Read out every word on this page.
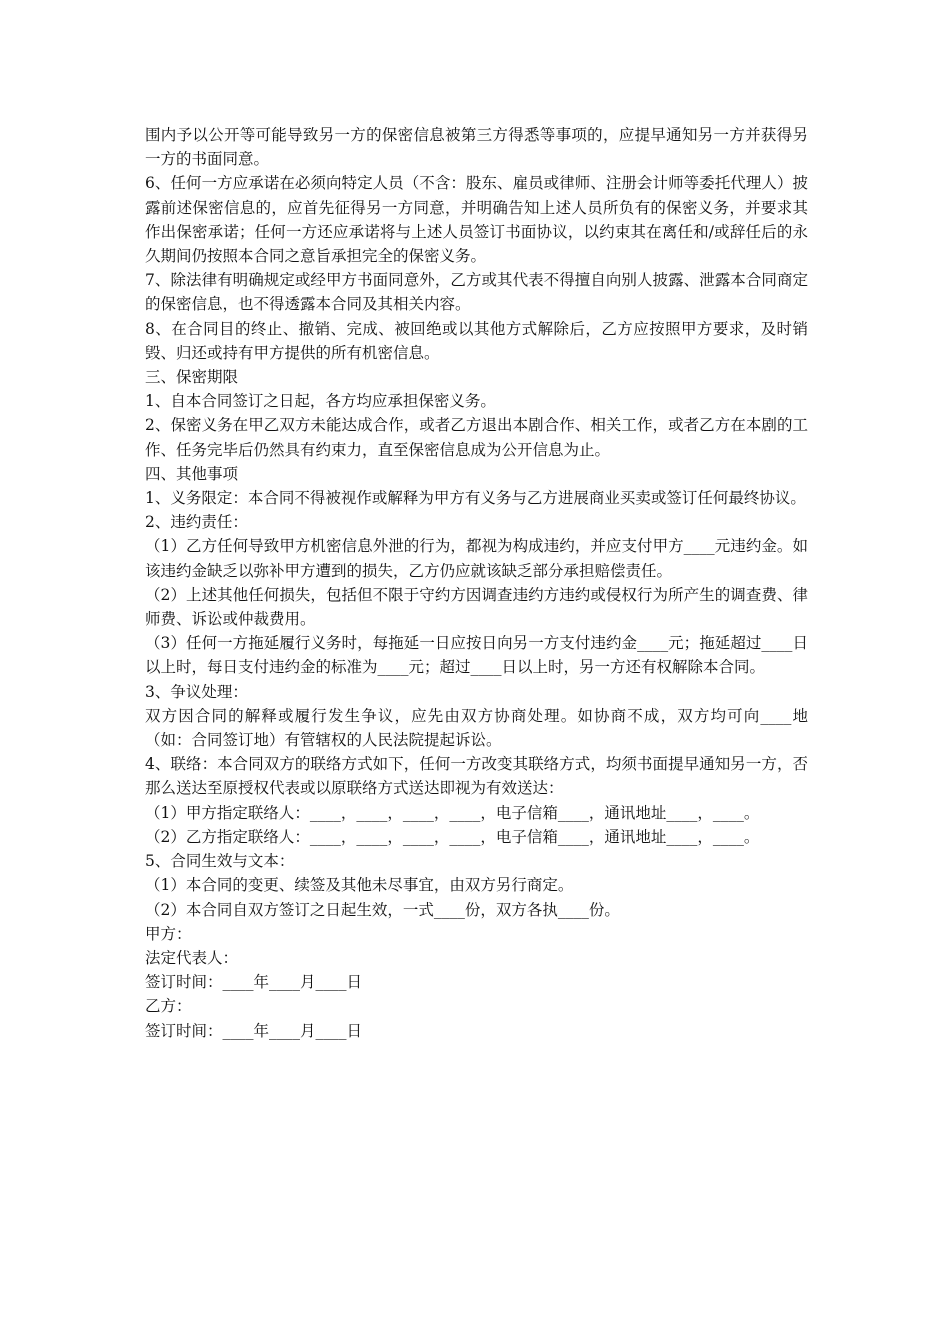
围内予以公开等可能导致另一方的保密信息被第三方得悉等事项的，应提早通知另一方并获得另一方的书面同意。

6、任何一方应承诺在必须向特定人员（不含：股东、雇员或律师、注册会计师等委托代理人）披露前述保密信息的，应首先征得另一方同意，并明确告知上述人员所负有的保密义务，并要求其作出保密承诺；任何一方还应承诺将与上述人员签订书面协议，以约束其在离任和/或辞任后的永久期间仍按照本合同之意旨承担完全的保密义务。

7、除法律有明确规定或经甲方书面同意外，乙方或其代表不得擅自向别人披露、泄露本合同商定的保密信息，也不得透露本合同及其相关内容。

8、在合同目的终止、撤销、完成、被回绝或以其他方式解除后，乙方应按照甲方要求，及时销毁、归还或持有甲方提供的所有机密信息。

三、保密期限

1、自本合同签订之日起，各方均应承担保密义务。

2、保密义务在甲乙双方未能达成合作，或者乙方退出本剧合作、相关工作，或者乙方在本剧的工作、任务完毕后仍然具有约束力，直至保密信息成为公开信息为止。

四、其他事项

1、义务限定：本合同不得被视作或解释为甲方有义务与乙方进展商业买卖或签订任何最终协议。

2、违约责任：

（1）乙方任何导致甲方机密信息外泄的行为，都视为构成违约，并应支付甲方____元违约金。如该违约金缺乏以弥补甲方遭到的损失，乙方仍应就该缺乏部分承担赔偿责任。

（2）上述其他任何损失，包括但不限于守约方因调查违约方违约或侵权行为所产生的调查费、律师费、诉讼或仲裁费用。

（3）任何一方拖延履行义务时，每拖延一日应按日向另一方支付违约金____元；拖延超过____日以上时，每日支付违约金的标准为____元；超过____日以上时，另一方还有权解除本合同。

3、争议处理：

双方因合同的解释或履行发生争议，应先由双方协商处理。如协商不成，双方均可向____地（如：合同签订地）有管辖权的人民法院提起诉讼。

4、联络：本合同双方的联络方式如下，任何一方改变其联络方式，均须书面提早通知另一方，否那么送达至原授权代表或以原联络方式送达即视为有效送达：

（1）甲方指定联络人：____，____，____，____，电子信箱____，通讯地址____，____。

（2）乙方指定联络人：____，____，____，____，电子信箱____，通讯地址____，____。

5、合同生效与文本：

（1）本合同的变更、续签及其他未尽事宜，由双方另行商定。

（2）本合同自双方签订之日起生效，一式____份，双方各执____份。

甲方：

法定代表人：

签订时间：____年____月____日

乙方：

签订时间：____年____月____日
